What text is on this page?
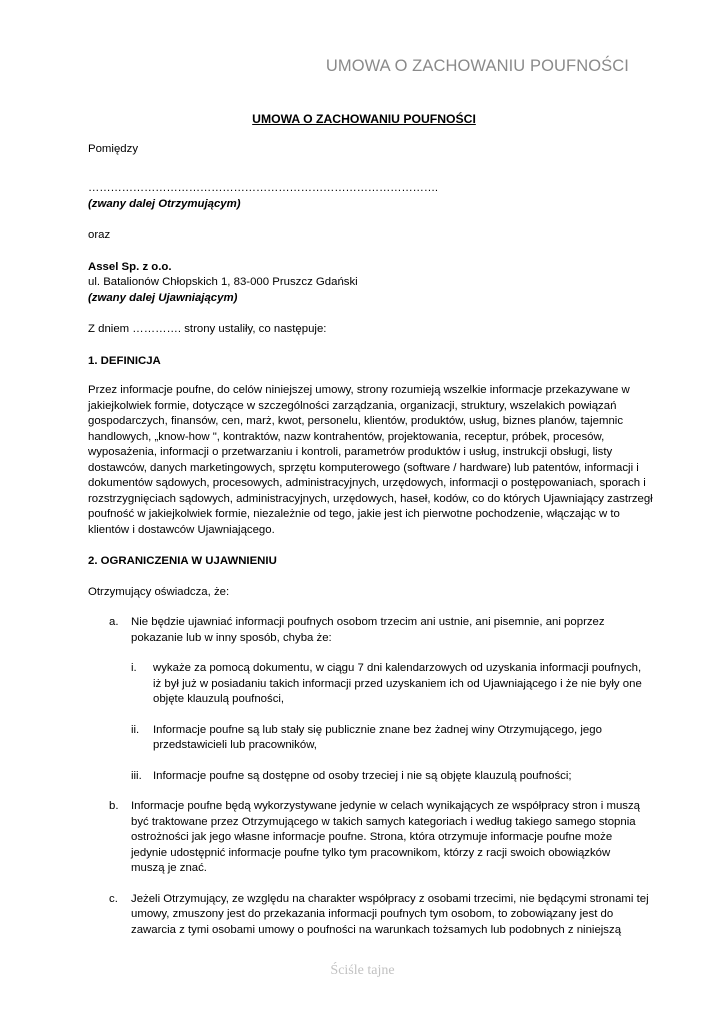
UMOWA O ZACHOWANIU POUFNOŚCI

UMOWA O ZACHOWANIU POUFNOŚCI

Pomiędzy

………………………………………………………………………………….

(zwany dalej Otrzymującym)

oraz

Assel Sp. z o.o.

ul. Batalionów Chłopskich 1, 83-000 Pruszcz Gdański

(zwany dalej Ujawniającym)

Z dniem …………. strony ustaliły, co następuje:

1. DEFINICJA

Przez informacje poufne, do celów niniejszej umowy, strony rozumieją wszelkie informacje przekazywane w
jakiejkolwiek formie, dotyczące w szczególności zarządzania, organizacji, struktury, wszelakich powiązań
gospodarczych, finansów, cen, marż, kwot, personelu, klientów, produktów, usług, biznes planów, tajemnic
handlowych, „know-how ", kontraktów, nazw kontrahentów, projektowania, receptur, próbek, procesów,
wyposażenia, informacji o przetwarzaniu i kontroli, parametrów produktów i usług, instrukcji obsługi, listy
dostawców, danych marketingowych, sprzętu komputerowego (software / hardware) lub patentów, informacji i
dokumentów sądowych, procesowych, administracyjnych, urzędowych, informacji o postępowaniach, sporach i
rozstrzygnięciach sądowych, administracyjnych, urzędowych, haseł, kodów, co do których Ujawniający zastrzegł
poufność w jakiejkolwiek formie, niezależnie od tego, jakie jest ich pierwotne pochodzenie, włączając w to
klientów i dostawców Ujawniającego.

2. OGRANICZENIA W UJAWNIENIU

Otrzymujący oświadcza, że:

a. Nie będzie ujawniać informacji poufnych osobom trzecim ani ustnie, ani pisemnie, ani poprzez
pokazanie lub w inny sposób, chyba że:
i. wykaże za pomocą dokumentu, w ciągu 7 dni kalendarzowych od uzyskania informacji poufnych,
iż był już w posiadaniu takich informacji przed uzyskaniem ich od Ujawniającego i że nie były one
objęte klauzulą poufności,
ii. Informacje poufne są lub stały się publicznie znane bez żadnej winy Otrzymującego, jego
przedstawicieli lub pracowników,
iii. Informacje poufne są dostępne od osoby trzeciej i nie są objęte klauzulą poufności;
b. Informacje poufne będą wykorzystywane jedynie w celach wynikających ze współpracy stron i muszą
być traktowane przez Otrzymującego w takich samych kategoriach i według takiego samego stopnia
ostrożności jak jego własne informacje poufne. Strona, która otrzymuje informacje poufne może
jedynie udostępnić informacje poufne tylko tym pracownikom, którzy z racji swoich obowiązków
muszą je znać.
c. Jeżeli Otrzymujący, ze względu na charakter współpracy z osobami trzecimi, nie będącymi stronami tej
umowy, zmuszony jest do przekazania informacji poufnych tym osobom, to zobowiązany jest do
zawarcia z tymi osobami umowy o poufności na warunkach tożsamych lub podobnych z niniejszą
Ściśle tajne
